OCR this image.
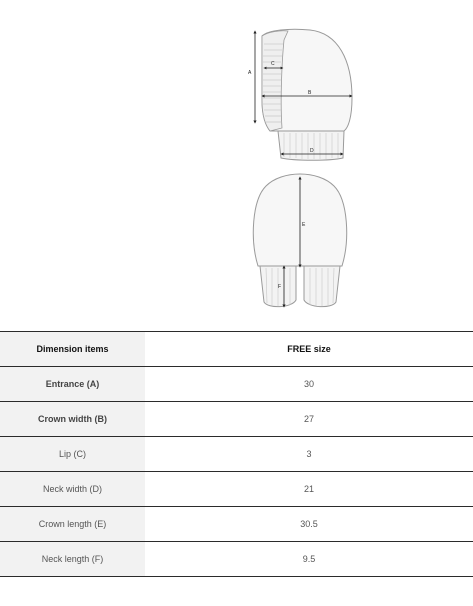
A
C
B
D
E
F
Dimension items	FREE size
Entrance (A)	30
Crown width (B)	27
Lip (C)	3
Neck width (D)	21
Crown length (E)	30.5
Neck length (F)	9.5
